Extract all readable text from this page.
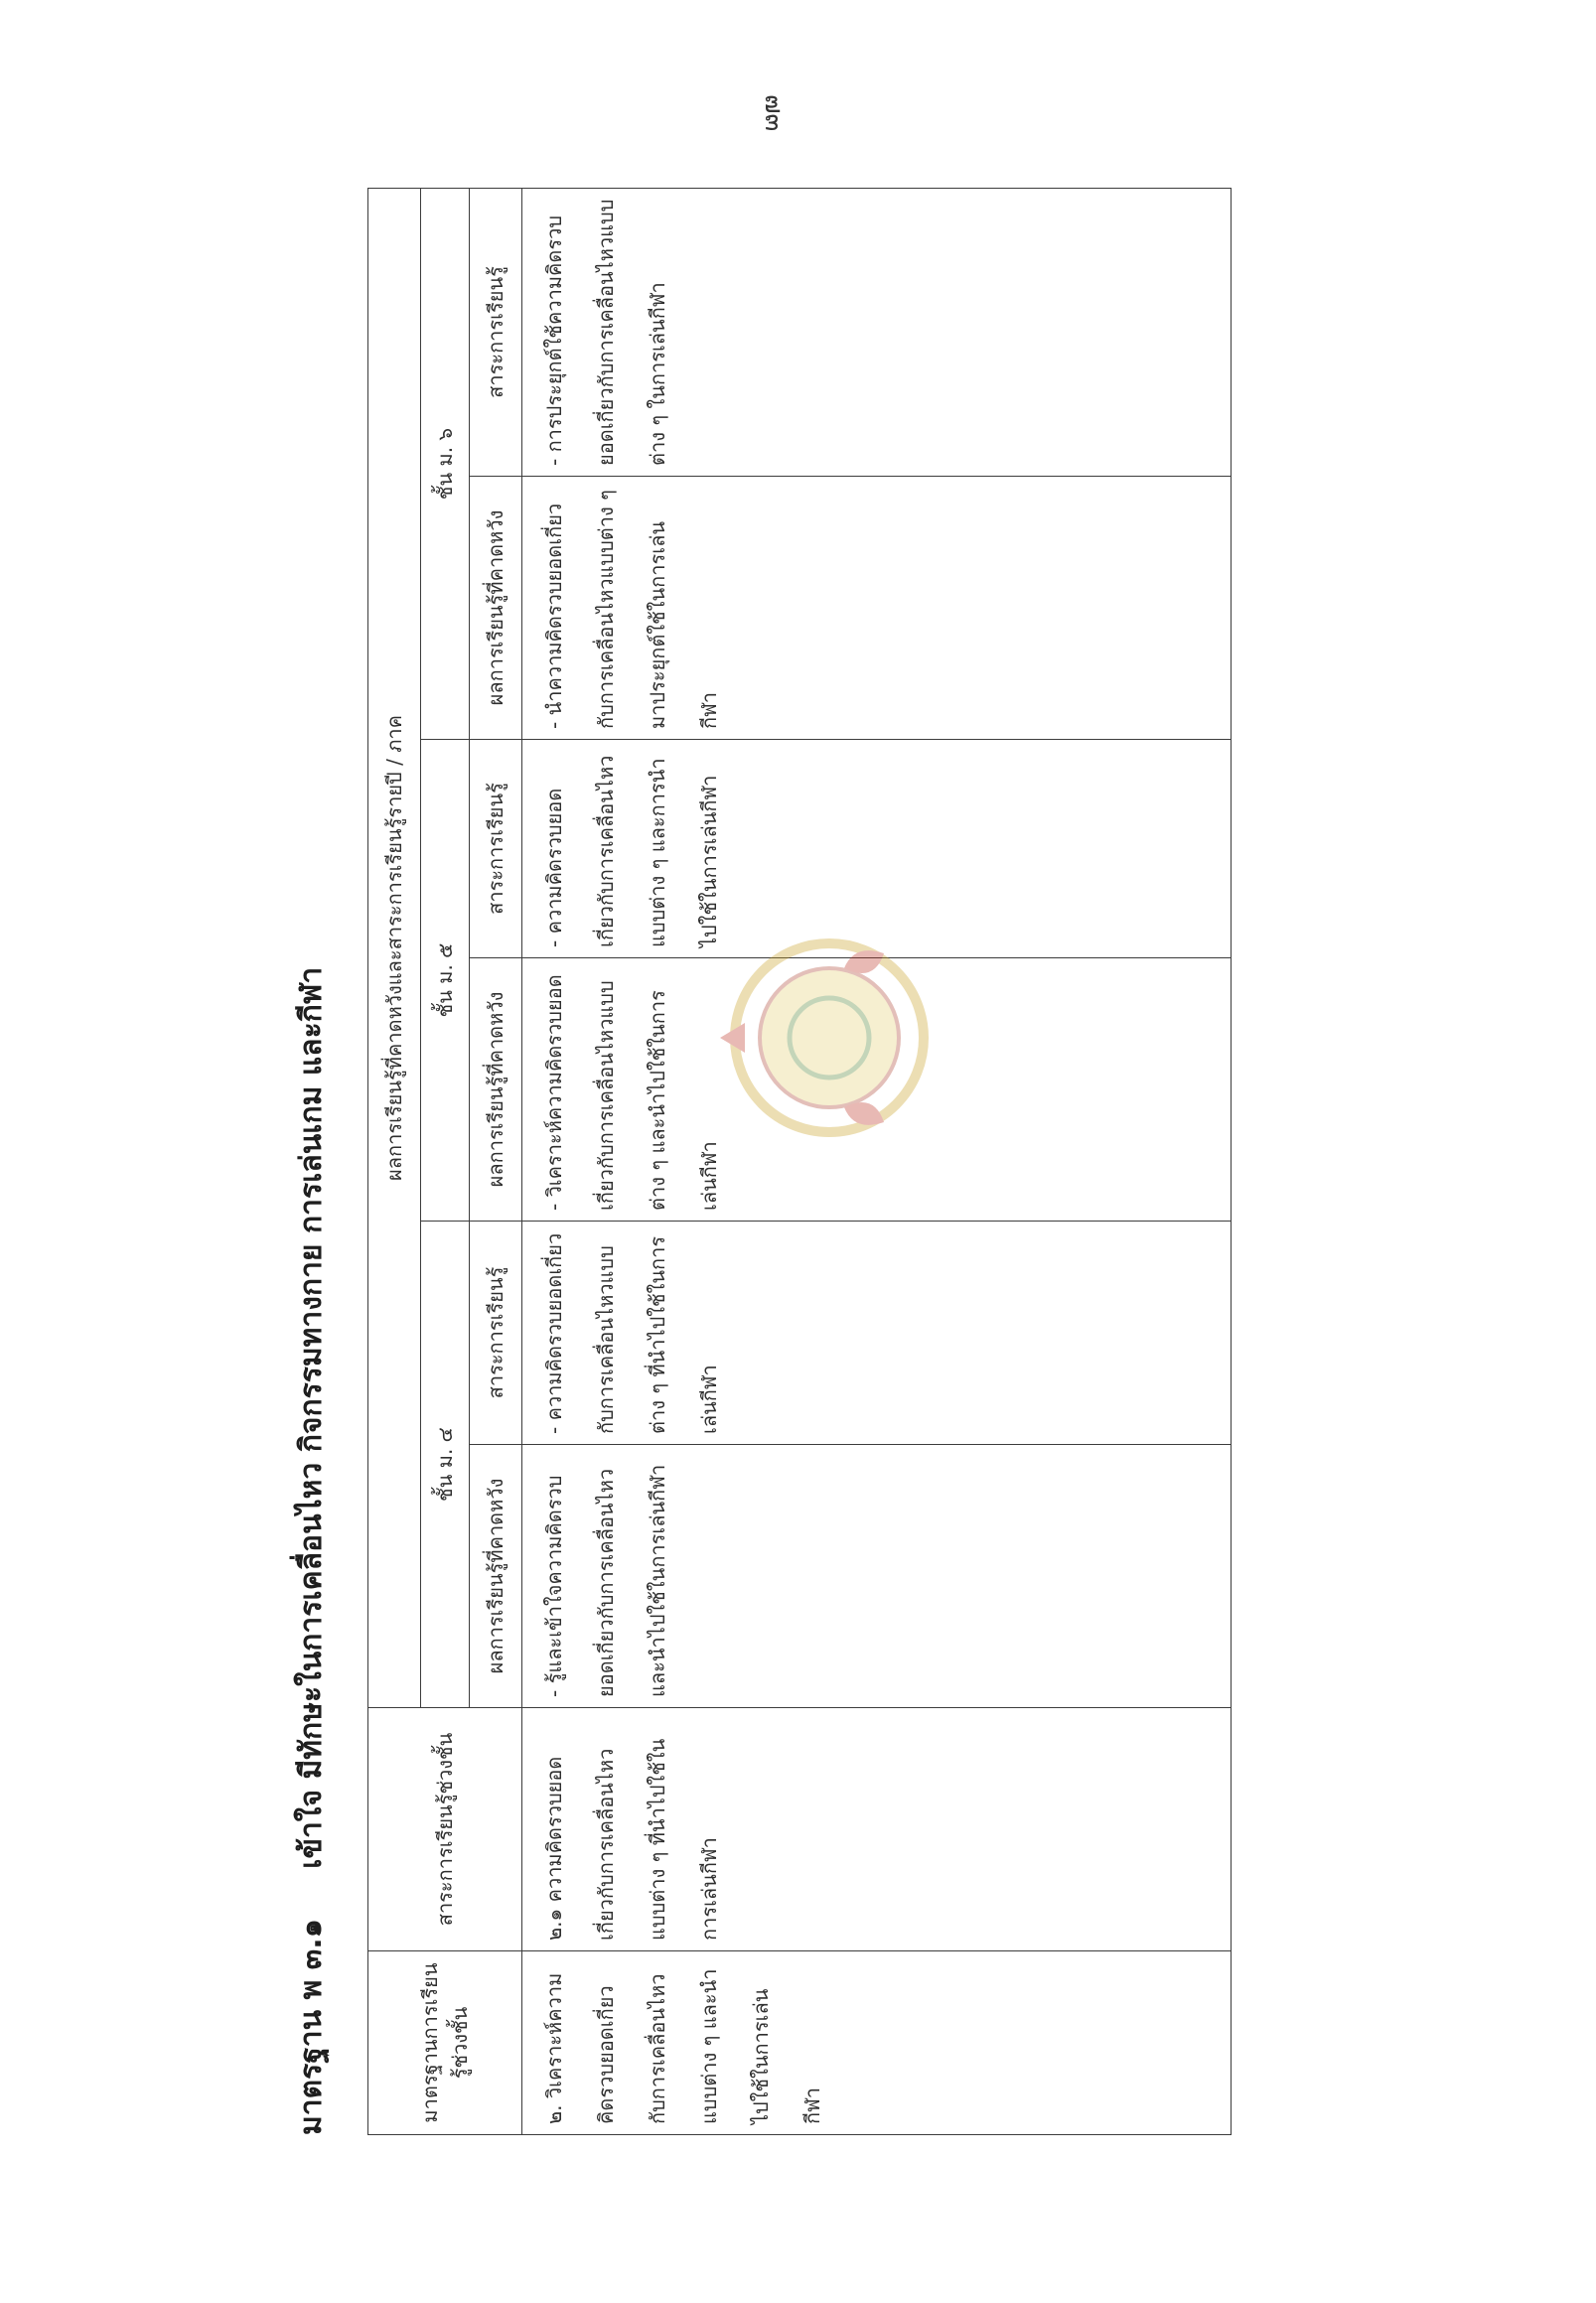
๗๓
มาตรฐาน พ ๓.๑ เข้าใจ มีทักษะในการเคลื่อนไหว กิจกรรมทางกาย การเล่นเกม และกีฬา
มาตรฐานการเรียนรู้ช่วงชั้น	สาระการเรียนรู้ช่วงชั้น	ผลการเรียนรู้ที่คาดหวังและสาระการเรียนรู้รายปี / ภาค					
		ชั้น ม. ๔		ชั้น ม. ๕		ชั้น ม. ๖	
		ผลการเรียนรู้ที่คาดหวัง	สาระการเรียนรู้	ผลการเรียนรู้ที่คาดหวัง	สาระการเรียนรู้	ผลการเรียนรู้ที่คาดหวัง	สาระการเรียนรู้
๒. วิเคราะห์ความคิดรวบยอดเกี่ยวกับการเคลื่อนไหวแบบต่าง ๆ และนำไปใช้ในการเล่นกีฬา	๒.๑ ความคิดรวบยอดเกี่ยวกับการเคลื่อนไหวแบบต่าง ๆ ที่นำไปใช้ในการเล่นกีฬา	- รู้และเข้าใจความคิดรวบยอดเกี่ยวกับการเคลื่อนไหวและนำไปใช้ในการเล่นกีฬา	- ความคิดรวบยอดเกี่ยวกับการเคลื่อนไหวแบบต่าง ๆ ที่นำไปใช้ในการเล่นกีฬา	- วิเคราะห์ความคิดรวบยอดเกี่ยวกับการเคลื่อนไหวแบบต่าง ๆ และนำไปใช้ในการเล่นกีฬา	- ความคิดรวบยอดเกี่ยวกับการเคลื่อนไหวแบบต่าง ๆ และการนำไปใช้ในการเล่นกีฬา	- นำความคิดรวบยอดเกี่ยวกับการเคลื่อนไหวแบบต่าง ๆ มาประยุกต์ใช้ในการเล่นกีฬา	- การประยุกต์ใช้ความคิดรวบยอดเกี่ยวกับการเคลื่อนไหวแบบต่าง ๆ ในการเล่นกีฬา
